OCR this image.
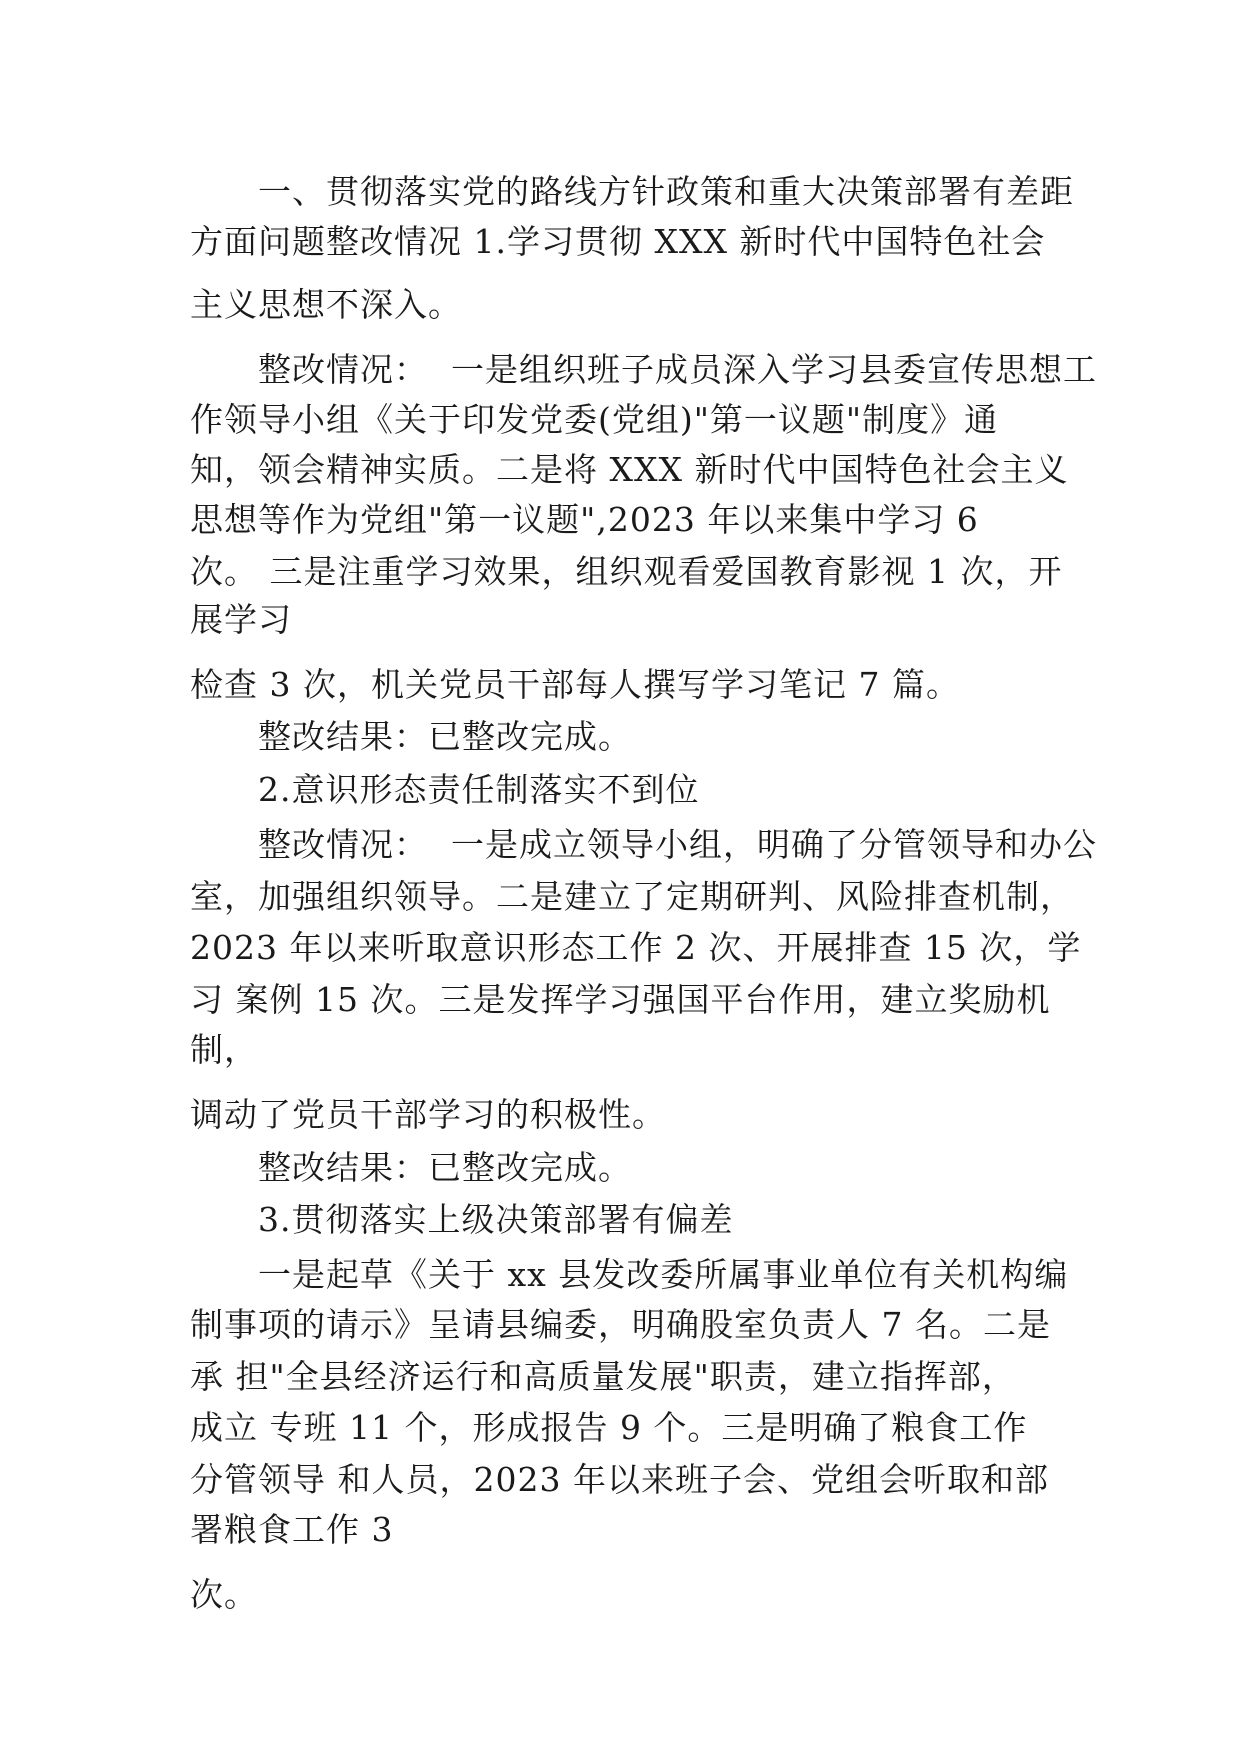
一、贯彻落实党的路线方针政策和重大决策部署有差距
方面问题整改情况 1.学习贯彻 XXX 新时代中国特色社会
主义思想不深入。
整改情况：  一是组织班子成员深入学习县委宣传思想工
作领导小组《关于印发党委(党组)"第一议题"制度》通
知，领会精神实质。二是将 XXX 新时代中国特色社会主义
思想等作为党组"第一议题",2023 年以来集中学习 6
次。 三是注重学习效果，组织观看爱国教育影视 1 次，开
展学习
检查 3 次，机关党员干部每人撰写学习笔记 7 篇。
整改结果：已整改完成。
2.意识形态责任制落实不到位
整改情况：  一是成立领导小组，明确了分管领导和办公
室，加强组织领导。二是建立了定期研判、风险排查机制，
2023 年以来听取意识形态工作 2 次、开展排查 15 次，学
习 案例 15 次。三是发挥学习强国平台作用，建立奖励机
制，
调动了党员干部学习的积极性。
整改结果：已整改完成。
3.贯彻落实上级决策部署有偏差
一是起草《关于 xx 县发改委所属事业单位有关机构编
制事项的请示》呈请县编委，明确股室负责人 7 名。二是
承 担"全县经济运行和高质量发展"职责，建立指挥部，
成立 专班 11 个，形成报告 9 个。三是明确了粮食工作
分管领导 和人员，2023 年以来班子会、党组会听取和部
署粮食工作 3
次。
